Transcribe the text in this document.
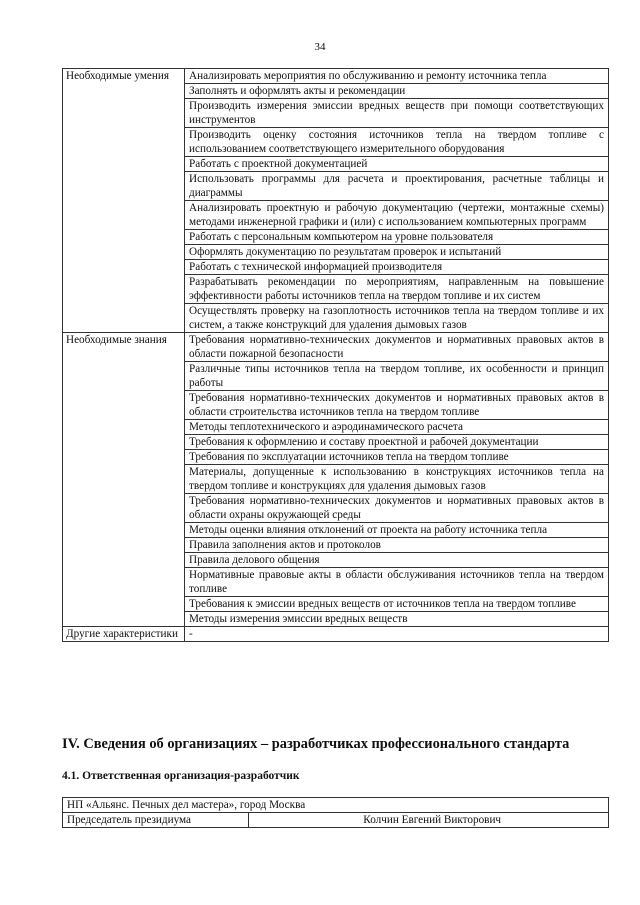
34
Необходимые умения	Анализировать мероприятия по обслуживанию и ремонту источника тепла
	Заполнять и оформлять акты и рекомендации
	Производить измерения эмиссии вредных веществ при помощи соответствующих инструментов
	Производить оценку состояния источников тепла на твердом топливе с использованием соответствующего измерительного оборудования
	Работать с проектной документацией
	Использовать программы для расчета и проектирования, расчетные таблицы и диаграммы
	Анализировать проектную и рабочую документацию (чертежи, монтажные схемы) методами инженерной графики и (или) с использованием компьютерных программ
	Работать с персональным компьютером на уровне пользователя
	Оформлять документацию по результатам проверок и испытаний
	Работать с технической информацией производителя
	Разрабатывать рекомендации по мероприятиям, направленным на повышение эффективности работы источников тепла на твердом топливе и их систем
	Осуществлять проверку на газоплотность источников тепла на твердом топливе и их систем, а также конструкций для удаления дымовых газов
Необходимые знания	Требования нормативно-технических документов и нормативных правовых актов в области пожарной безопасности
	Различные типы источников тепла на твердом топливе, их особенности и принцип работы
	Требования нормативно-технических документов и нормативных правовых актов в области строительства источников тепла на твердом топливе
	Методы теплотехнического и аэродинамического расчета
	Требования к оформлению и составу проектной и рабочей документации
	Требования по эксплуатации источников тепла на твердом топливе
	Материалы, допущенные к использованию в конструкциях источников тепла на твердом топливе и конструкциях для удаления дымовых газов
	Требования нормативно-технических документов и нормативных правовых актов в области охраны окружающей среды
	Методы оценки влияния отклонений от проекта на работу источника тепла
	Правила заполнения актов и протоколов
	Правила делового общения
	Нормативные правовые акты в области обслуживания источников тепла на твердом топливе
	Требования к эмиссии вредных веществ от источников тепла на твердом топливе
	Методы измерения эмиссии вредных веществ
Другие характеристики	-
IV. Сведения об организациях – разработчиках профессионального стандарта
4.1. Ответственная организация-разработчик
НП «Альянс. Печных дел мастера», город Москва
Председатель президиума	Колчин Евгений Викторович
